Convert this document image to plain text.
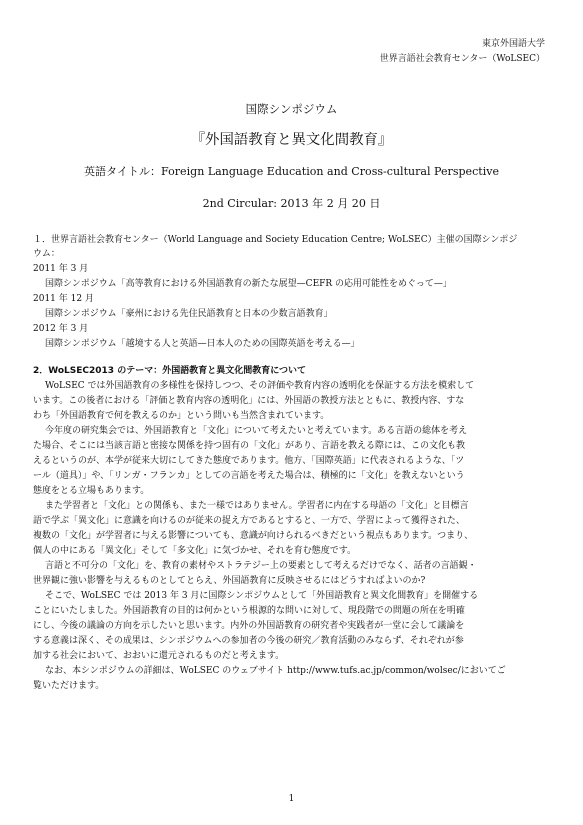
東京外国語大学
世界言語社会教育センター（WoLSEC）
国際シンポジウム
『外国語教育と異文化間教育』
英語タイトル：Foreign Language Education and Cross-cultural Perspective
2nd Circular: 2013 年 2 月 20 日
１．世界言語社会教育センター（World Language and Society Education Centre; WoLSEC）主催の国際シンポジ
ウム：
2011 年 3 月
国際シンポジウム「高等教育における外国語教育の新たな展望—CEFR の応用可能性をめぐって—」
2011 年 12 月
国際シンポジウム「豪州における先住民語教育と日本の少数言語教育」
2012 年 3 月
国際シンポジウム「越境する人と英語—日本人のための国際英語を考える—」
2．WoLSEC2013 のテーマ：外国語教育と異文化間教育について
WoLSEC では外国語教育の多様性を保持しつつ、その評価や教育内容の透明化を保証する方法を模索して
います。この後者における「評価と教育内容の透明化」には、外国語の教授方法とともに、教授内容、すな
わち「外国語教育で何を教えるのか」という問いも当然含まれています。
今年度の研究集会では、外国語教育と「文化」について考えたいと考えています。ある言語の総体を考え
た場合、そこには当該言語と密接な関係を持つ固有の「文化」があり、言語を教える際には、この文化も教
えるというのが、本学が従来大切にしてきた態度であります。他方、「国際英語」に代表されるような、「ツ
ール（道具）」や、「リンガ・フランカ」としての言語を考えた場合は、積極的に「文化」を教えないという
態度をとる立場もあります。
また学習者と「文化」との関係も、また一様ではありません。学習者に内在する母語の「文化」と目標言
語で学ぶ「異文化」に意識を向けるのが従来の捉え方であるとすると、一方で、学習によって獲得された、
複数の「文化」が学習者に与える影響についても、意識が向けられるべきだという視点もあります。つまり、
個人の中にある「異文化」そして「多文化」に気づかせ、それを育む態度です。
言語と不可分の「文化」を、教育の素材やストラテジー上の要素として考えるだけでなく、話者の言語観・
世界観に強い影響を与えるものとしてとらえ、外国語教育に反映させるにはどうすればよいのか?
そこで、WoLSEC では 2013 年 3 月に国際シンポジウムとして「外国語教育と異文化間教育」を開催する
ことにいたしました。外国語教育の目的は何かという根源的な問いに対して、現段階での問題の所在を明確
にし、今後の議論の方向を示したいと思います。内外の外国語教育の研究者や実践者が一堂に会して議論を
する意義は深く、その成果は、シンポジウムへの参加者の今後の研究／教育活動のみならず、それぞれが参
加する社会において、おおいに還元されるものだと考えます。
なお、本シンポジウムの詳細は、WoLSEC のウェブサイト http://www.tufs.ac.jp/common/wolsec/においてご
覧いただけます。
1
